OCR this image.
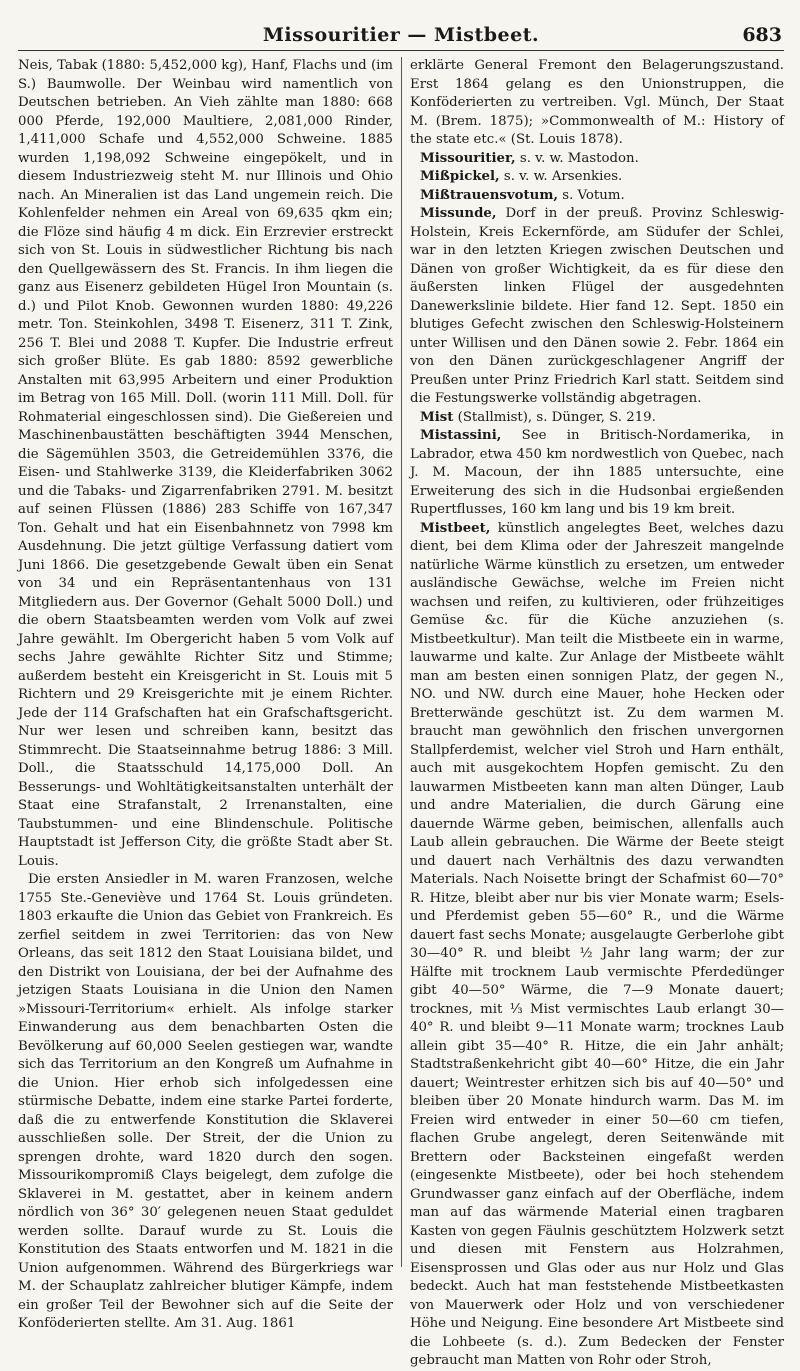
Missouritier — Mistbeet.	683

Neis, Tabak (1880: 5,452,000 kg), Hanf, Flachs und (im S.) Baumwolle. Der Weinbau wird namentlich von Deutschen betrieben. An Vieh zählte man 1880: 668 000 Pferde, 192,000 Maultiere, 2,081,000 Rinder, 1,411,000 Schafe und 4,552,000 Schweine. 1885 wurden 1,198,092 Schweine eingepökelt, und in diesem Industriezweig steht M. nur Illinois und Ohio nach. An Mineralien ist das Land ungemein reich. Die Kohlenfelder nehmen ein Areal von 69,635 qkm ein; die Flöze sind häufig 4 m dick. Ein Erzrevier erstreckt sich von St. Louis in südwestlicher Richtung bis nach den Quellgewässern des St. Francis. In ihm liegen die ganz aus Eisenerz gebildeten Hügel Iron Mountain (s. d.) und Pilot Knob. Gewonnen wurden 1880: 49,226 metr. Ton. Steinkohlen, 3498 T. Eisenerz, 311 T. Zink, 256 T. Blei und 2088 T. Kupfer. Die Industrie erfreut sich großer Blüte. Es gab 1880: 8592 gewerbliche Anstalten mit 63,995 Arbeitern und einer Produktion im Betrag von 165 Mill. Doll. (worin 111 Mill. Doll. für Rohmaterial eingeschlossen sind). Die Gießereien und Maschinenbaustätten beschäftigten 3944 Menschen, die Sägemühlen 3503, die Getreidemühlen 3376, die Eisen- und Stahlwerke 3139, die Kleiderfabriken 3062 und die Tabaks- und Zigarrenfabriken 2791. M. besitzt auf seinen Flüssen (1886) 283 Schiffe von 167,347 Ton. Gehalt und hat ein Eisenbahnnetz von 7998 km Ausdehnung. Die jetzt gültige Verfassung datiert vom Juni 1866. Die gesetzgebende Gewalt üben ein Senat von 34 und ein Repräsentantenhaus von 131 Mitgliedern aus. Der Governor (Gehalt 5000 Doll.) und die obern Staatsbeamten werden vom Volk auf zwei Jahre gewählt. Im Obergericht haben 5 vom Volk auf sechs Jahre gewählte Richter Sitz und Stimme; außerdem besteht ein Kreisgericht in St. Louis mit 5 Richtern und 29 Kreisgerichte mit je einem Richter. Jede der 114 Grafschaften hat ein Grafschaftsgericht. Nur wer lesen und schreiben kann, besitzt das Stimmrecht. Die Staatseinnahme betrug 1886: 3 Mill. Doll., die Staatsschuld 14,175,000 Doll. An Besserungs- und Wohltätigkeitsanstalten unterhält der Staat eine Strafanstalt, 2 Irrenanstalten, eine Taubstummen- und eine Blindenschule. Politische Hauptstadt ist Jefferson City, die größte Stadt aber St. Louis.

Die ersten Ansiedler in M. waren Franzosen, welche 1755 Ste.-Geneviève und 1764 St. Louis gründeten. 1803 erkaufte die Union das Gebiet von Frankreich. Es zerfiel seitdem in zwei Territorien: das von New Orleans, das seit 1812 den Staat Louisiana bildet, und den Distrikt von Louisiana, der bei der Aufnahme des jetzigen Staats Louisiana in die Union den Namen »Missouri-Territorium« erhielt. Als infolge starker Einwanderung aus dem benachbarten Osten die Bevölkerung auf 60,000 Seelen gestiegen war, wandte sich das Territorium an den Kongreß um Aufnahme in die Union. Hier erhob sich infolgedessen eine stürmische Debatte, indem eine starke Partei forderte, daß die zu entwerfende Konstitution die Sklaverei ausschließen solle. Der Streit, der die Union zu sprengen drohte, ward 1820 durch den sogen. Missourikompromiß Clays beigelegt, dem zufolge die Sklaverei in M. gestattet, aber in keinem andern nördlich von 36° 30′ gelegenen neuen Staat geduldet werden sollte. Darauf wurde zu St. Louis die Konstitution des Staats entworfen und M. 1821 in die Union aufgenommen. Während des Bürgerkriegs war M. der Schauplatz zahlreicher blutiger Kämpfe, indem ein großer Teil der Bewohner sich auf die Seite der Konföderierten stellte. Am 31. Aug. 1861

erklärte General Fremont den Belagerungszustand. Erst 1864 gelang es den Unionstruppen, die Konföderierten zu vertreiben. Vgl. Münch, Der Staat M. (Brem. 1875); »Commonwealth of M.: History of the state etc.« (St. Louis 1878).

Missouritier, s. v. w. Mastodon.

Mißpickel, s. v. w. Arsenkies.

Mißtrauensvotum, s. Votum.

Missunde, Dorf in der preuß. Provinz Schleswig-Holstein, Kreis Eckernförde, am Südufer der Schlei, war in den letzten Kriegen zwischen Deutschen und Dänen von großer Wichtigkeit, da es für diese den äußersten linken Flügel der ausgedehnten Danewerkslinie bildete. Hier fand 12. Sept. 1850 ein blutiges Gefecht zwischen den Schleswig-Holsteinern unter Willisen und den Dänen sowie 2. Febr. 1864 ein von den Dänen zurückgeschlagener Angriff der Preußen unter Prinz Friedrich Karl statt. Seitdem sind die Festungswerke vollständig abgetragen.

Mist (Stallmist), s. Dünger, S. 219.

Mistassini, See in Britisch-Nordamerika, in Labrador, etwa 450 km nordwestlich von Quebec, nach J. M. Macoun, der ihn 1885 untersuchte, eine Erweiterung des sich in die Hudsonbai ergießenden Rupertflusses, 160 km lang und bis 19 km breit.

Mistbeet, künstlich angelegtes Beet, welches dazu dient, bei dem Klima oder der Jahreszeit mangelnde natürliche Wärme künstlich zu ersetzen, um entweder ausländische Gewächse, welche im Freien nicht wachsen und reifen, zu kultivieren, oder frühzeitiges Gemüse &c. für die Küche anzuziehen (s. Mistbeetkultur). Man teilt die Mistbeete ein in warme, lauwarme und kalte. Zur Anlage der Mistbeete wählt man am besten einen sonnigen Platz, der gegen N., NO. und NW. durch eine Mauer, hohe Hecken oder Bretterwände geschützt ist. Zu dem warmen M. braucht man gewöhnlich den frischen unvergornen Stallpferdemist, welcher viel Stroh und Harn enthält, auch mit ausgekochtem Hopfen gemischt. Zu den lauwarmen Mistbeeten kann man alten Dünger, Laub und andre Materialien, die durch Gärung eine dauernde Wärme geben, beimischen, allenfalls auch Laub allein gebrauchen. Die Wärme der Beete steigt und dauert nach Verhältnis des dazu verwandten Materials. Nach Noisette bringt der Schafmist 60—70° R. Hitze, bleibt aber nur bis vier Monate warm; Esels- und Pferdemist geben 55—60° R., und die Wärme dauert fast sechs Monate; ausgelaugte Gerberlohe gibt 30—40° R. und bleibt ½ Jahr lang warm; der zur Hälfte mit trocknem Laub vermischte Pferdedünger gibt 40—50° Wärme, die 7—9 Monate dauert; trocknes, mit ⅓ Mist vermischtes Laub erlangt 30—40° R. und bleibt 9—11 Monate warm; trocknes Laub allein gibt 35—40° R. Hitze, die ein Jahr anhält; Stadtstraßenkehricht gibt 40—60° Hitze, die ein Jahr dauert; Weintrester erhitzen sich bis auf 40—50° und bleiben über 20 Monate hindurch warm. Das M. im Freien wird entweder in einer 50—60 cm tiefen, flachen Grube angelegt, deren Seitenwände mit Brettern oder Backsteinen eingefaßt werden (eingesenkte Mistbeete), oder bei hoch stehendem Grundwasser ganz einfach auf der Oberfläche, indem man auf das wärmende Material einen tragbaren Kasten von gegen Fäulnis geschütztem Holzwerk setzt und diesen mit Fenstern aus Holzrahmen, Eisensprossen und Glas oder aus nur Holz und Glas bedeckt. Auch hat man feststehende Mistbeetkasten von Mauerwerk oder Holz und von verschiedener Höhe und Neigung. Eine besondere Art Mistbeete sind die Lohbeete (s. d.). Zum Bedecken der Fenster gebraucht man Matten von Rohr oder Stroh,
